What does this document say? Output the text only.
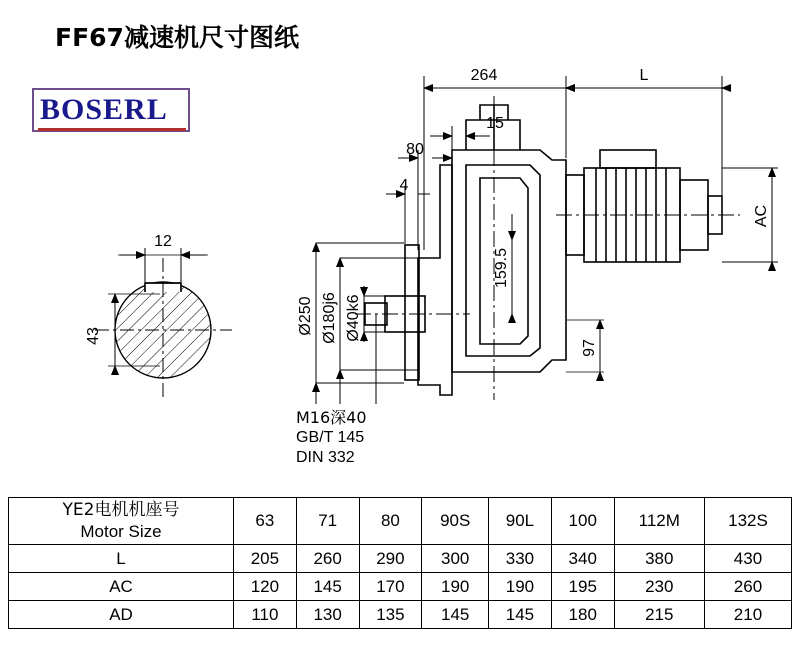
FF67减速机尺寸图纸
BOSERL
12
43
264	L
15
80
4
Ø250 Ø180j6 Ø40k6
AC
159.5
97
M16深40
GB/T 145
DIN 332
YE2电机机座号
Motor Size	63	71	80	90S	90L	100	112M	132S
L	205	260	290	300	330	340	380	430
AC	120	145	170	190	190	195	230	260
AD	110	130	135	145	145	180	215	210
